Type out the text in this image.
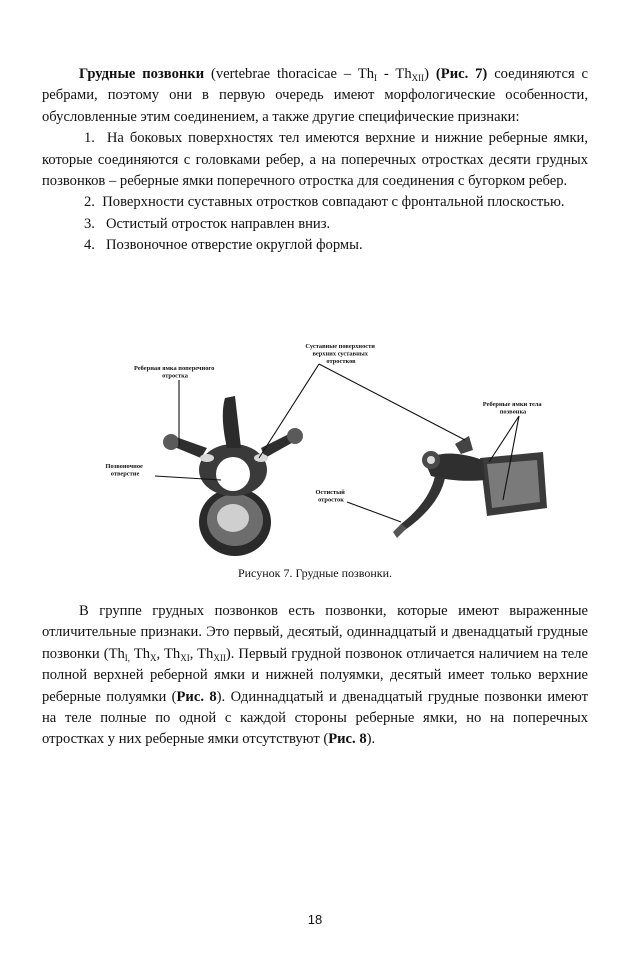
Грудные позвонки (vertebrae thoracicae – $Th_I - Th_{XII}$) (Рис. 7) соединяются с ребрами, поэтому они в первую очередь имеют морфологические особенности, обусловленные этим соединением, а также другие специфические признаки:

1. На боковых поверхностях тел имеются верхние и нижние реберные ямки, которые соединяются с головками ребер, а на поперечных отростках десяти грудных позвонков – реберные ямки поперечного отростка для соединения с бугорком ребер.

2. Поверхности суставных отростков совпадают с фронтальной плоскостью.

3. Остистый отросток направлен вниз.

4. Позвоночное отверстие округлой формы.

Реберная ямка поперечного отростка
Суставные поверхности верхних суставных отростков
Реберные ямки тела позвонка
Позвоночное отверстие
Остистый отросток
Рисунок 7. Грудные позвонки.

В группе грудных позвонков есть позвонки, которые имеют выраженные отличительные признаки. Это первый, десятый, одиннадцатый и двенадцатый грудные позвонки ($Th_{I,}$ $Th_X$, $Th_{XI}$, $Th_{XII}$). Первый грудной позвонок отличается наличием на теле полной верхней реберной ямки и нижней полуямки, десятый имеет только верхние реберные полуямки (Рис. 8). Одиннадцатый и двенадцатый грудные позвонки имеют на теле полные по одной с каждой стороны реберные ямки, но на поперечных отростках у них реберные ямки отсутствуют (Рис. 8).

18
